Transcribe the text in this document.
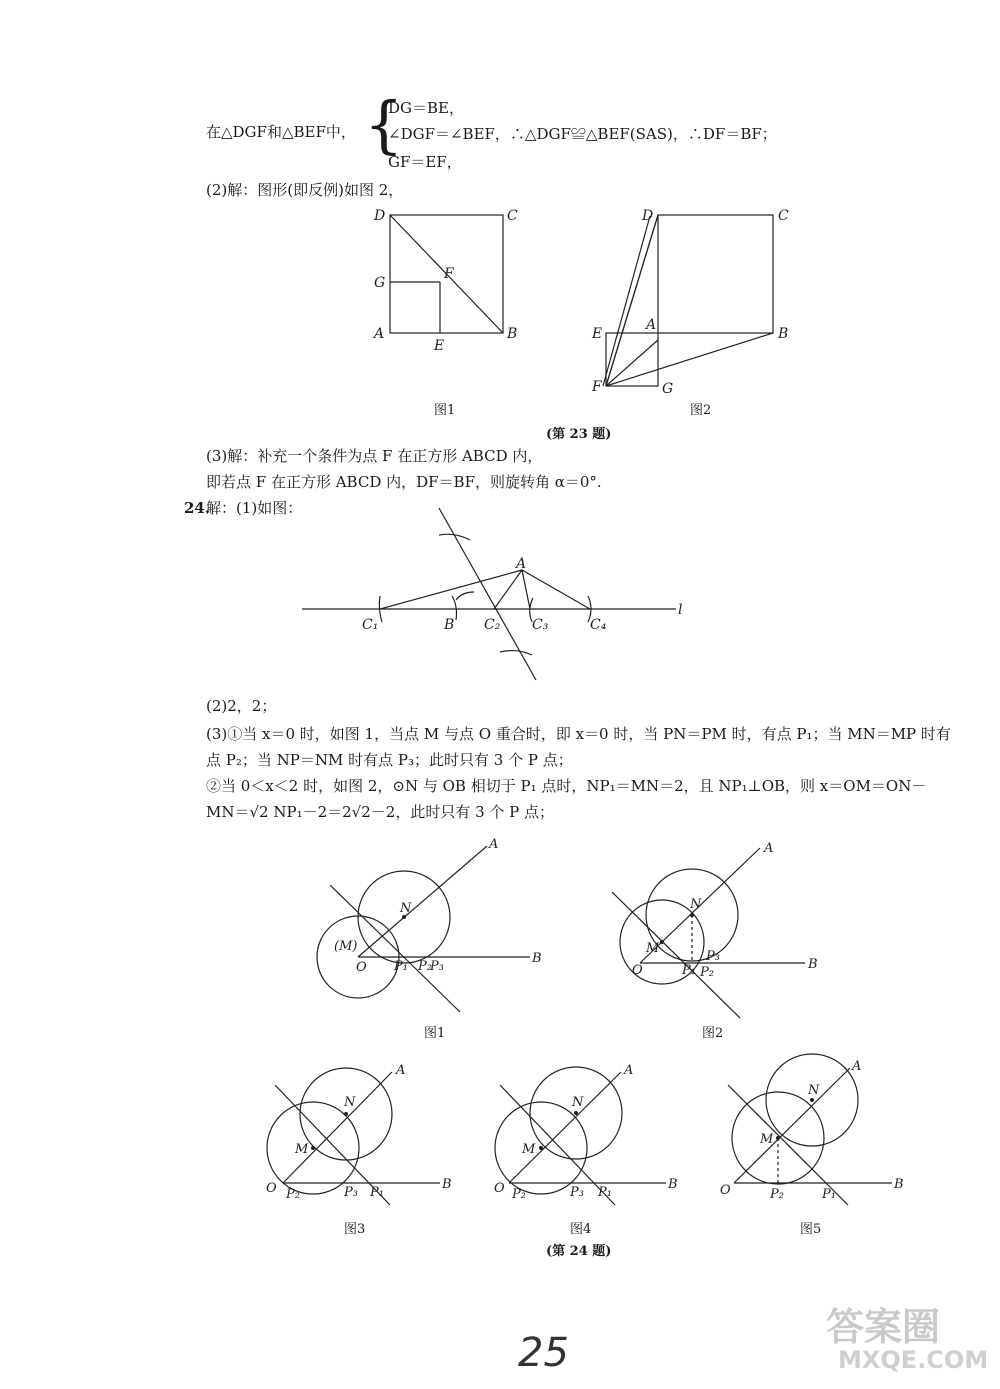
在△DGF和△BEF中， {
DG＝BE，
∠DGF＝∠BEF，∴△DGF≌△BEF(SAS)，∴DF＝BF；
GF＝EF，
(2)解：图形(即反例)如图 2，
D	C
G
F
A
E
B
D	C
E
A
B
F	G
A
C₁	B C₂ C₃	C₄
l
A
N
(M)
O P₁ P₂
P₃
B
A
N
M
O	P₁ P₂
P₃
B
A
N
M
O P₂	P₃ P₁
B
A
N
M
O P₂	P₃ P₁
B
A
N
M
O	P₂	P₁
B
图1	图2
(第 23 题)
(3)解：补充一个条件为点 F 在正方形 ABCD 内，
即若点 F 在正方形 ABCD 内，DF＝BF，则旋转角 α＝0°.
24.
解：(1)如图：
(2)2，2；
(3)①当 x＝0 时，如图 1，当点 M 与点 O 重合时，即 x＝0 时，当 PN＝PM 时，有点 P₁；当 MN＝MP 时有
点 P₂；当 NP＝NM 时有点 P₃；此时只有 3 个 P 点；
②当 0＜x＜2 时，如图 2，⊙N 与 OB 相切于 P₁ 点时，NP₁＝MN＝2，且 NP₁⊥OB，则 x＝OM＝ON－
MN＝√2 NP₁－2＝2√2－2，此时只有 3 个 P 点；
图1	图2
图3	图4	图5
(第 24 题)
25
答案圈
MXQE.COM
